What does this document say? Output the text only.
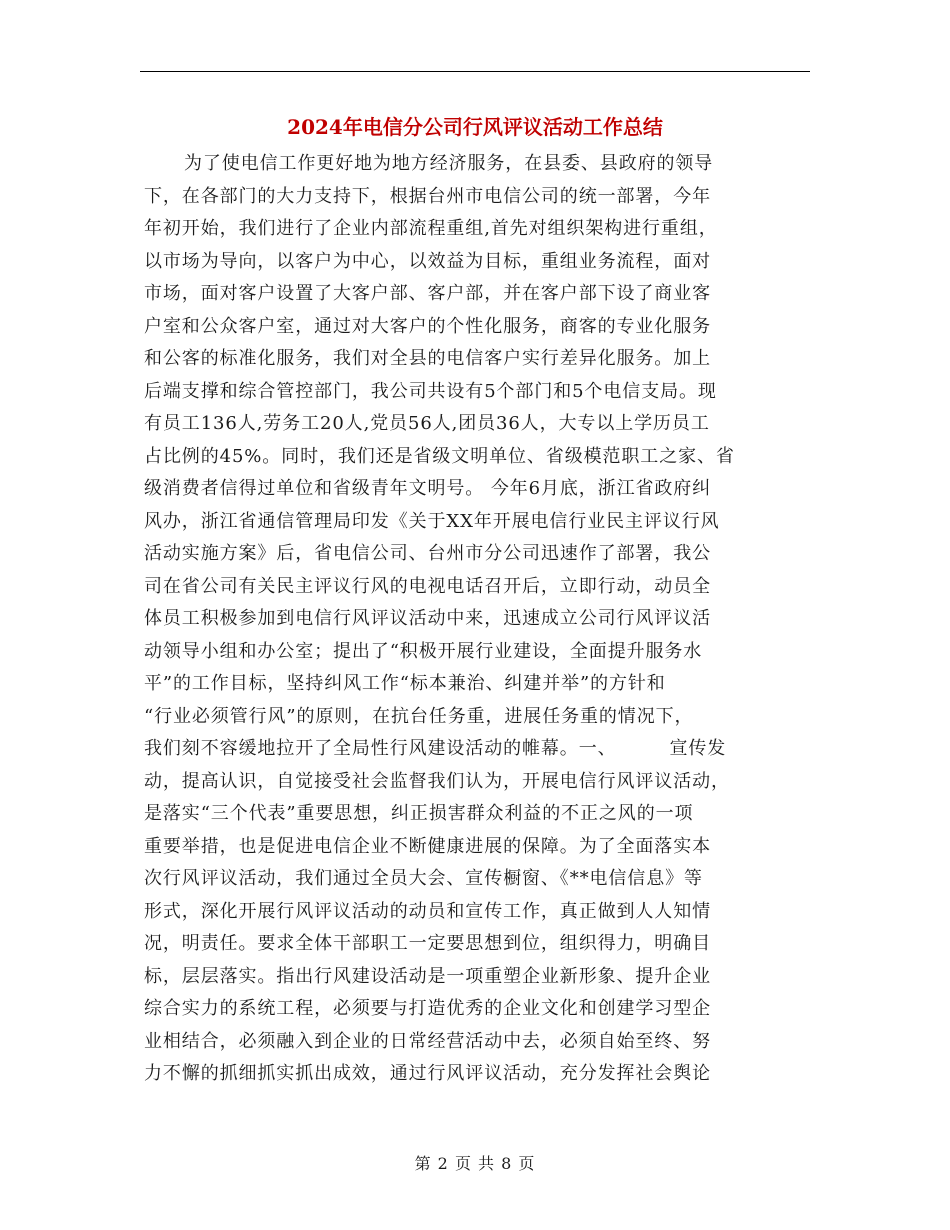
2024年电信分公司行风评议活动工作总结
为了使电信工作更好地为地方经济服务，在县委、县政府的领导
下，在各部门的大力支持下，根据台州市电信公司的统一部署，今年
年初开始，我们进行了企业内部流程重组,首先对组织架构进行重组，
以市场为导向，以客户为中心，以效益为目标，重组业务流程，面对
市场，面对客户设置了大客户部、客户部，并在客户部下设了商业客
户室和公众客户室，通过对大客户的个性化服务，商客的专业化服务
和公客的标准化服务，我们对全县的电信客户实行差异化服务。加上
后端支撑和综合管控部门，我公司共设有5个部门和5个电信支局。现
有员工136人,劳务工20人,党员56人,团员36人，大专以上学历员工
占比例的45%。同时，我们还是省级文明单位、省级模范职工之家、省
级消费者信得过单位和省级青年文明号。 今年6月底，浙江省政府纠
风办，浙江省通信管理局印发《关于XX年开展电信行业民主评议行风
活动实施方案》后，省电信公司、台州市分公司迅速作了部署，我公
司在省公司有关民主评议行风的电视电话召开后，立即行动，动员全
体员工积极参加到电信行风评议活动中来，迅速成立公司行风评议活
动领导小组和办公室；提出了“积极开展行业建设，全面提升服务水
平”的工作目标，坚持纠风工作“标本兼治、纠建并举”的方针和
“行业必须管行风”的原则，在抗台任务重，进展任务重的情况下，
我们刻不容缓地拉开了全局性行风建设活动的帷幕。一、        宣传发
动，提高认识，自觉接受社会监督我们认为，开展电信行风评议活动，
是落实“三个代表”重要思想，纠正损害群众利益的不正之风的一项
重要举措，也是促进电信企业不断健康进展的保障。为了全面落实本
次行风评议活动，我们通过全员大会、宣传橱窗、《**电信信息》等
形式，深化开展行风评议活动的动员和宣传工作，真正做到人人知情
况，明责任。要求全体干部职工一定要思想到位，组织得力，明确目
标，层层落实。指出行风建设活动是一项重塑企业新形象、提升企业
综合实力的系统工程，必须要与打造优秀的企业文化和创建学习型企
业相结合，必须融入到企业的日常经营活动中去，必须自始至终、努
力不懈的抓细抓实抓出成效，通过行风评议活动，充分发挥社会舆论
第 2 页 共 8 页
